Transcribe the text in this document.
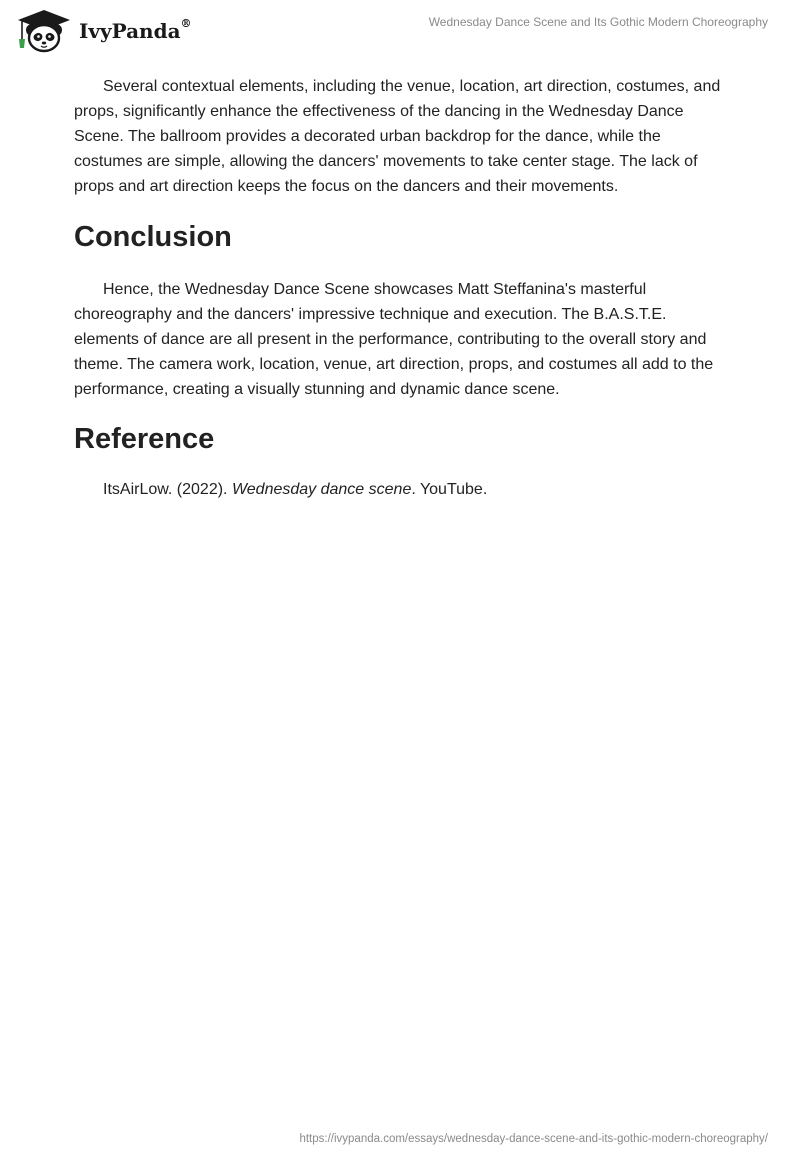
IvyPanda®	Wednesday Dance Scene and Its Gothic Modern Choreography

Several contextual elements, including the venue, location, art direction, costumes, and props, significantly enhance the effectiveness of the dancing in the Wednesday Dance Scene. The ballroom provides a decorated urban backdrop for the dance, while the costumes are simple, allowing the dancers' movements to take center stage. The lack of props and art direction keeps the focus on the dancers and their movements.

Conclusion

Hence, the Wednesday Dance Scene showcases Matt Steffanina's masterful choreography and the dancers' impressive technique and execution. The B.A.S.T.E. elements of dance are all present in the performance, contributing to the overall story and theme. The camera work, location, venue, art direction, props, and costumes all add to the performance, creating a visually stunning and dynamic dance scene.

Reference

ItsAirLow. (2022). Wednesday dance scene. YouTube.

https://ivypanda.com/essays/wednesday-dance-scene-and-its-gothic-modern-choreography/
